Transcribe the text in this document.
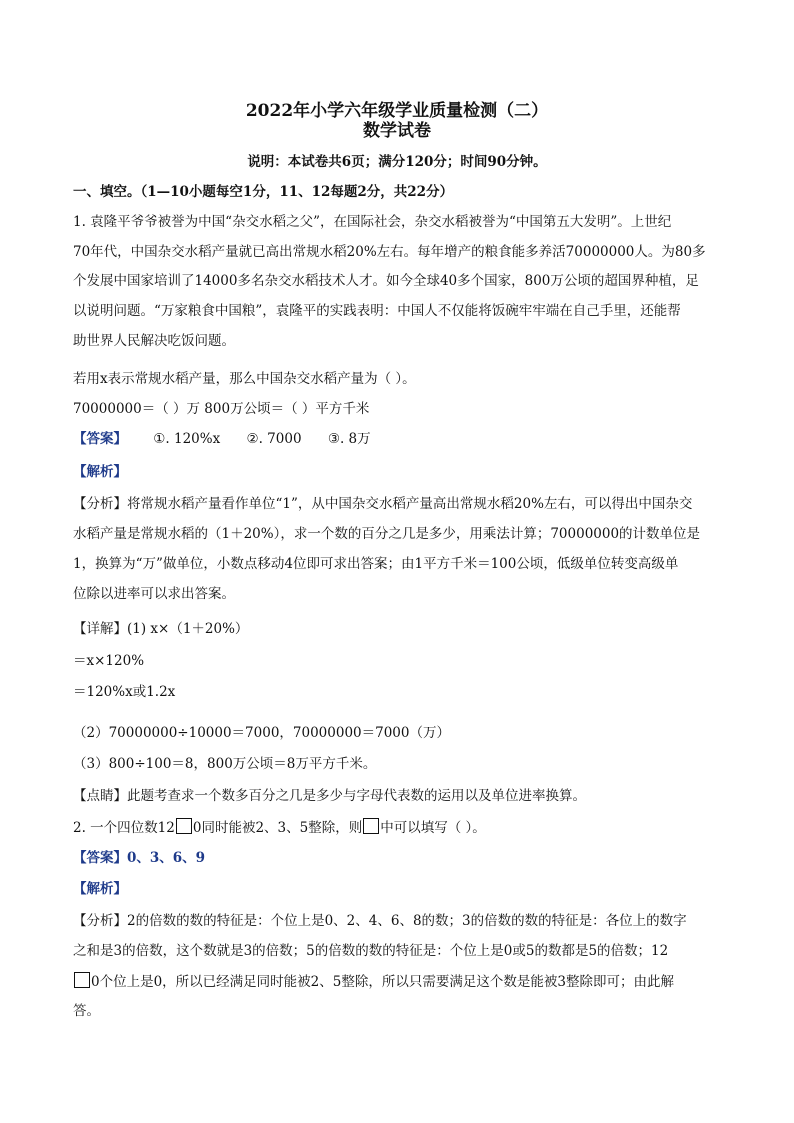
2022年小学六年级学业质量检测（二）
数学试卷
说明：本试卷共6页；满分120分；时间90分钟。
一、填空。（1—10小题每空1分，11、12每题2分，共22分）
1. 袁隆平爷爷被誉为中国“杂交水稻之父”，在国际社会，杂交水稻被誉为“中国第五大发明”。上世纪
70年代，中国杂交水稻产量就已高出常规水稻20%左右。每年增产的粮食能多养活70000000人。为80多
个发展中国家培训了14000多名杂交水稻技术人才。如今全球40多个国家，800万公顷的超国界种植，足
以说明问题。“万家粮食中国粮”，袁隆平的实践表明：中国人不仅能将饭碗牢牢端在自己手里，还能帮
助世界人民解决吃饭问题。
若用x表示常规水稻产量，那么中国杂交水稻产量为（ ）。
70000000＝（ ）万 800万公顷＝（ ）平方千米
【答案】 ①. 120%x ②. 7000 ③. 8万
【解析】
【分析】将常规水稻产量看作单位“1”，从中国杂交水稻产量高出常规水稻20%左右，可以得出中国杂交
水稻产量是常规水稻的（1＋20%），求一个数的百分之几是多少，用乘法计算；70000000的计数单位是
1，换算为“万”做单位，小数点移动4位即可求出答案；由1平方千米＝100公顷，低级单位转变高级单
位除以进率可以求出答案。
【详解】(1) x×（1＋20%）
＝x×120%
＝120%x或1.2x
（2）70000000÷10000＝7000，70000000＝7000（万）
（3）800÷100＝8，800万公顷＝8万平方千米。
【点睛】此题考查求一个数多百分之几是多少与字母代表数的运用以及单位进率换算。
2. 一个四位数12 0同时能被2、3、5整除，则 中可以填写（ ）。
【答案】0、3、6、9
【解析】
【分析】2的倍数的数的特征是：个位上是0、2、4、6、8的数；3的倍数的数的特征是：各位上的数字
之和是3的倍数，这个数就是3的倍数；5的倍数的数的特征是：个位上是0或5的数都是5的倍数；12
0个位上是0，所以已经满足同时能被2、5整除，所以只需要满足这个数是能被3整除即可；由此解
答。
